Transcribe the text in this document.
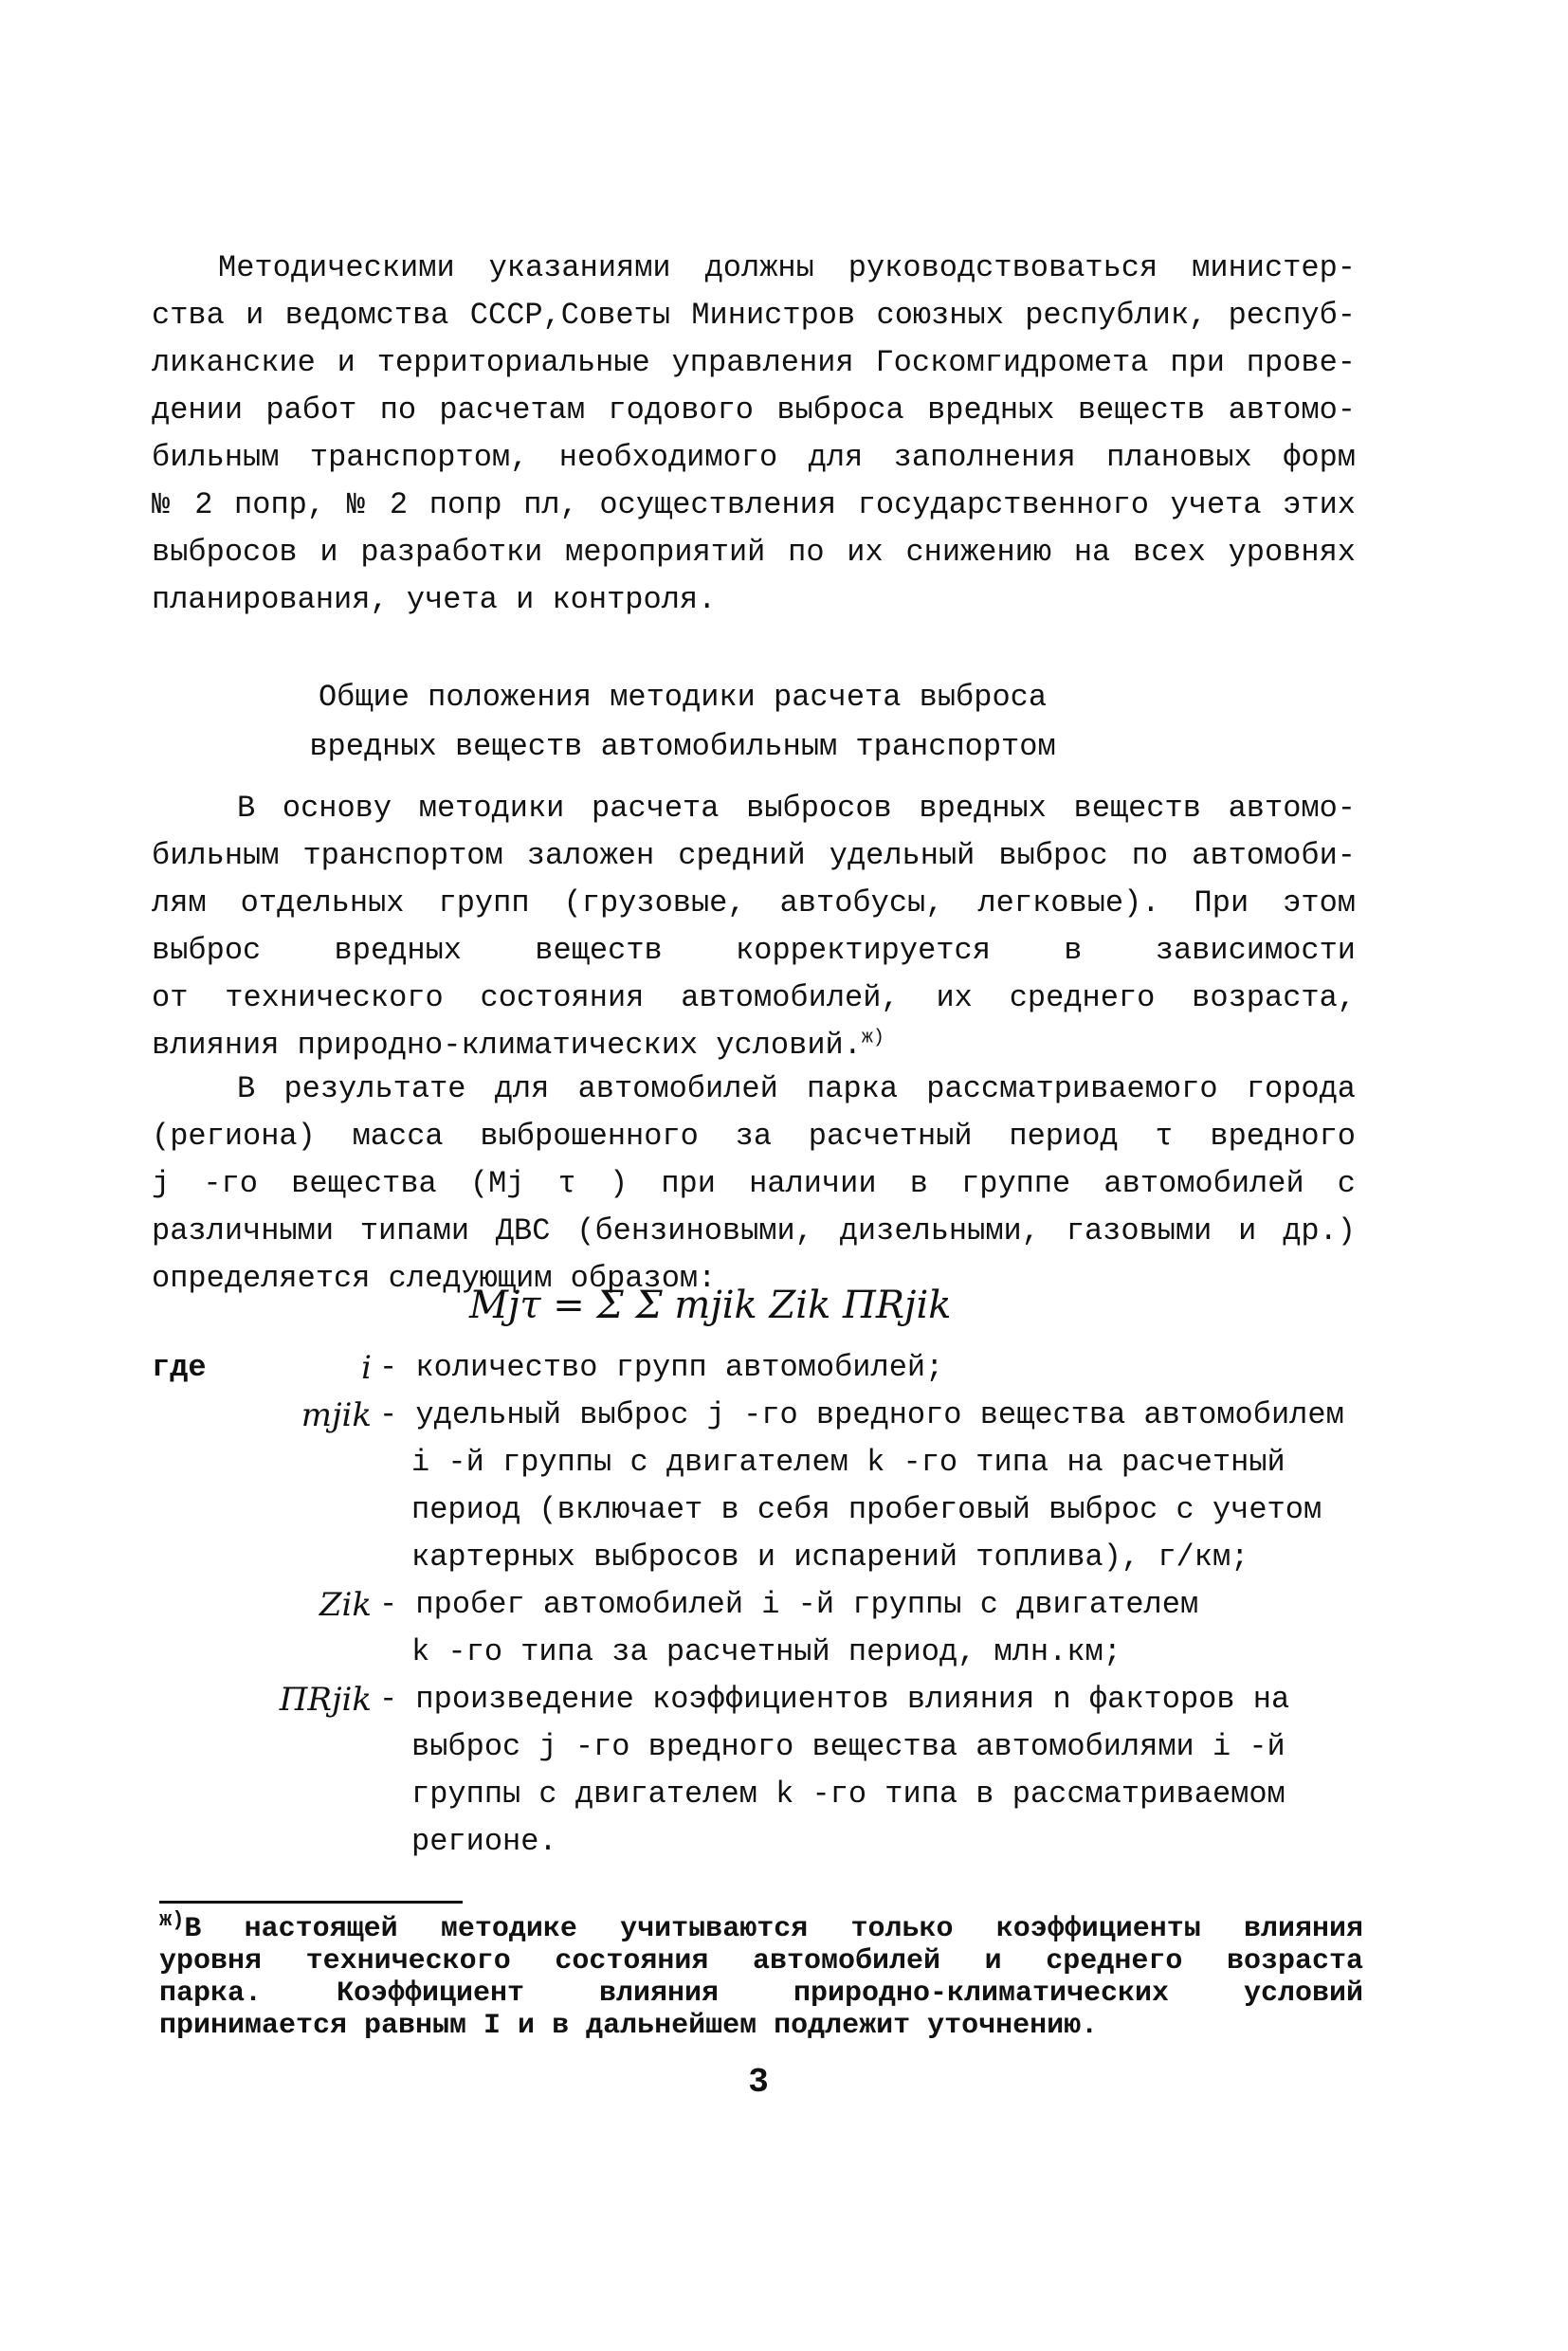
Методическими указаниями должны руководствоваться министер-
ства и ведомства СССР,Советы Министров союзных республик, респуб-
ликанские и территориальные управления Госкомгидромета при прове-
дении работ по расчетам годового выброса вредных веществ автомо-
бильным транспортом, необходимого для заполнения плановых форм
№ 2 попр, № 2 попр пл, осуществления государственного учета этих
выбросов и разработки мероприятий по их снижению на всех уровнях
планирования, учета и контроля.
Общие положения методики расчета выброса
вредных веществ автомобильным транспортом
В основу методики расчета выбросов вредных веществ автомо-
бильным транспортом заложен средний удельный выброс по автомоби-
лям отдельных групп (грузовые, автобусы, легковые). При этом
выброс вредных веществ корректируется в зависимости
от технического состояния автомобилей, их среднего возраста,
влияния природно-климатических условий.$^{ж)}$
В результате для автомобилей парка рассматриваемого города
(региона) масса выброшенного за расчетный период τ вредного
j -го вещества (Mj τ ) при наличии в группе автомобилей с
различными типами ДВС (бензиновыми, дизельными, газовыми и др.)
определяется следующим образом:
Mjτ = Σ Σ mjik Zik ΠRjik
где	i	- количество групп автомобилей;
mjik	- удельный выброс j -го вредного вещества автомобилем
i -й группы с двигателем k -го типа на расчетный
период (включает в себя пробеговый выброс с учетом
картерных выбросов и испарений топлива), г/км;
Zik	- пробег автомобилей i -й группы с двигателем
k -го типа за расчетный период, млн.км;
ΠRjik	- произведение коэффициентов влияния n факторов на
выброс j -го вредного вещества автомобилями i -й
группы с двигателем k -го типа в рассматриваемом
регионе.
$^{ж)}$В настоящей методике учитываются только коэффициенты влияния
уровня технического состояния автомобилей и среднего возраста
парка. Коэффициент влияния природно-климатических условий
принимается равным I и в дальнейшем подлежит уточнению.
3
